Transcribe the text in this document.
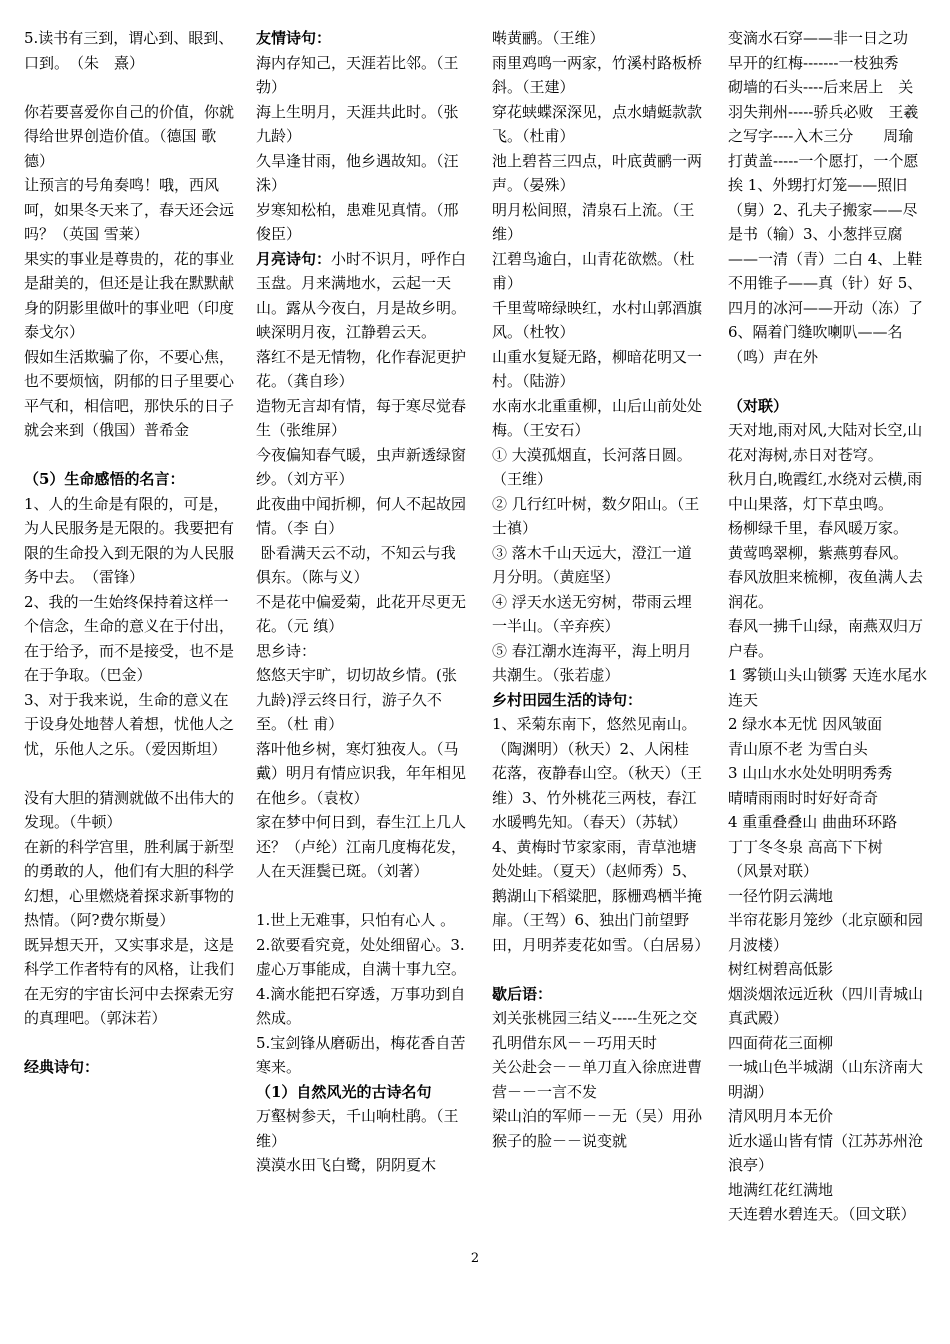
5.读书有三到，谓心到、眼到、口到。　（朱　熹）

你若要喜爱你自己的价值，你就得给世界创造价值。（德国 歌德）

让预言的号角奏鸣！哦，西风呵，如果冬天来了，春天还会远吗？（英国 雪莱）

果实的事业是尊贵的，花的事业是甜美的，但还是让我在默默献身的阴影里做叶的事业吧（印度 泰戈尔）

假如生活欺骗了你，不要心焦，也不要烦恼，阴郁的日子里要心平气和，相信吧，那快乐的日子就会来到（俄国）普希金

（5）生命感悟的名言：

1、人的生命是有限的，可是，为人民服务是无限的。我要把有限的生命投入到无限的为人民服务中去。　（雷锋）

2、我的一生始终保持着这样一个信念，生命的意义在于付出，在于给予，而不是接受，也不是在于争取。（巴金）

3、对于我来说，生命的意义在于设身处地替人着想，忧他人之忧，乐他人之乐。（爱因斯坦）

没有大胆的猜测就做不出伟大的发现。（牛顿）

在新的科学宫里，胜利属于新型的勇敢的人，他们有大胆的科学幻想，心里燃烧着探求新事物的热情。（阿?费尔斯曼）

既异想天开，又实事求是，这是科学工作者特有的风格，让我们在无穷的宇宙长河中去探索无穷的真理吧。（郭沫若）

经典诗句：

友情诗句：

海内存知己，天涯若比邻。（王 勃）

海上生明月，天涯共此时。（张九龄）

久旱逢甘雨，他乡遇故知。（汪 洙）

岁寒知松柏，患难见真情。（邢俊臣）

月亮诗句：小时不识月，呼作白玉盘。月来满地水，云起一天山。露从今夜白，月是故乡明。峡深明月夜，江静碧云天。

落红不是无情物，化作春泥更护花。（龚自珍）

造物无言却有情，每于寒尽觉春生（张维屏）

今夜偏知春气暖，虫声新透绿窗纱。（刘方平）

此夜曲中闻折柳，何人不起故园情。（李 白）

卧看满天云不动，不知云与我俱东。（陈与义）

不是花中偏爱菊，此花开尽更无花。（元 缜）

思乡诗：

悠悠天宇旷，切切故乡情。(张九龄)浮云终日行，游子久不至。（杜 甫）

落叶他乡树，寒灯独夜人。（马 戴）明月有情应识我，年年相见在他乡。（袁枚）

家在梦中何日到，春生江上几人还？（卢纶）江南几度梅花发，人在天涯鬓已斑。（刘著）

1.世上无难事，只怕有心人 。2.欲要看究竟，处处细留心。3.虚心万事能成，自满十事九空。4.滴水能把石穿透，万事功到自然成。

5.宝剑锋从磨砺出，梅花香自苦寒来。

（1）自然风光的古诗名句

万壑树参天，千山响杜鹃。（王维）

漠漠水田飞白鹭，阴阴夏木

啭黄鹂。（王维）

雨里鸡鸣一两家，竹溪村路板桥斜。（王建）

穿花蛱蝶深深见，点水蜻蜓款款飞。（杜甫）

池上碧苔三四点，叶底黄鹂一两声。（晏殊）

明月松间照，清泉石上流。（王 维）

江碧鸟逾白，山青花欲燃。（杜 甫）

千里莺啼绿映红，水村山郭酒旗风。（杜牧）

山重水复疑无路，柳暗花明又一村。（陆游）

水南水北重重柳，山后山前处处梅。（王安石）

① 大漠孤烟直，长河落日圆。（王维）

② 几行红叶树，数夕阳山。（王士禛）

③ 落木千山天远大，澄江一道月分明。（黄庭坚）

④ 浮天水送无穷树，带雨云埋一半山。（辛弃疾）

⑤ 春江潮水连海平，海上明月共潮生。（张若虚）

乡村田园生活的诗句：

1、采菊东南下，悠然见南山。（陶渊明）（秋天）2、人闲桂花落，夜静春山空。（秋天）（王维）3、竹外桃花三两枝，春江水暖鸭先知。（春天）（苏轼）

4、黄梅时节家家雨，青草池塘处处蛙。（夏天）（赵师秀）5、鹅湖山下稻粱肥，豚栅鸡栖半掩扉。（王驾）6、独出门前望野田，月明荞麦花如雪。（白居易）

歇后语：

刘关张桃园三结义-----生死之交孔明借东风－－巧用天时

关公赴会－－单刀直入徐庶进曹营－－一言不发

梁山泊的军师－－无（吴）用孙猴子的脸－－说变就

变滴水石穿——非一日之功　早开的红梅-------一枝独秀　砌墙的石头----后来居上　关羽失荆州-----骄兵必败　王羲之写字----入木三分　　周瑜打黄盖-----一个愿打，一个愿挨 1、外甥打灯笼——照旧（舅）2、孔夫子搬家——尽是书（输）3、小葱拌豆腐——一清（青）二白 4、上鞋不用锥子——真（针）好 5、四月的冰河——开动（冻）了 6、隔着门缝吹喇叭——名（鸣）声在外

（对联）

天对地,雨对风,大陆对长空,山花对海树,赤日对苍穹。

秋月白,晚霞红,水绕对云横,雨中山果落，灯下草虫鸣。

杨柳绿千里，春风暖万家。

黄莺鸣翠柳，紫燕剪春风。

春风放胆来梳柳，夜鱼满人去润花。

春风一拂千山绿，南燕双归万户春。

1 雾锁山头山锁雾 天连水尾水连天

2 绿水本无忧 因风皱面

青山原不老 为雪白头

3 山山水水处处明明秀秀

晴晴雨雨时时好好奇奇

4 重重叠叠山 曲曲环环路

丁丁冬冬泉 高高下下树

（风景对联）

一径竹阴云满地

半帘花影月笼纱（北京颐和园月波楼）

树红树碧高低影

烟淡烟浓远近秋（四川青城山真武殿）

四面荷花三面柳

一城山色半城湖（山东济南大明湖）

清风明月本无价

近水遥山皆有情（江苏苏州沧浪亭）

地满红花红满地

天连碧水碧连天。（回文联）

2
